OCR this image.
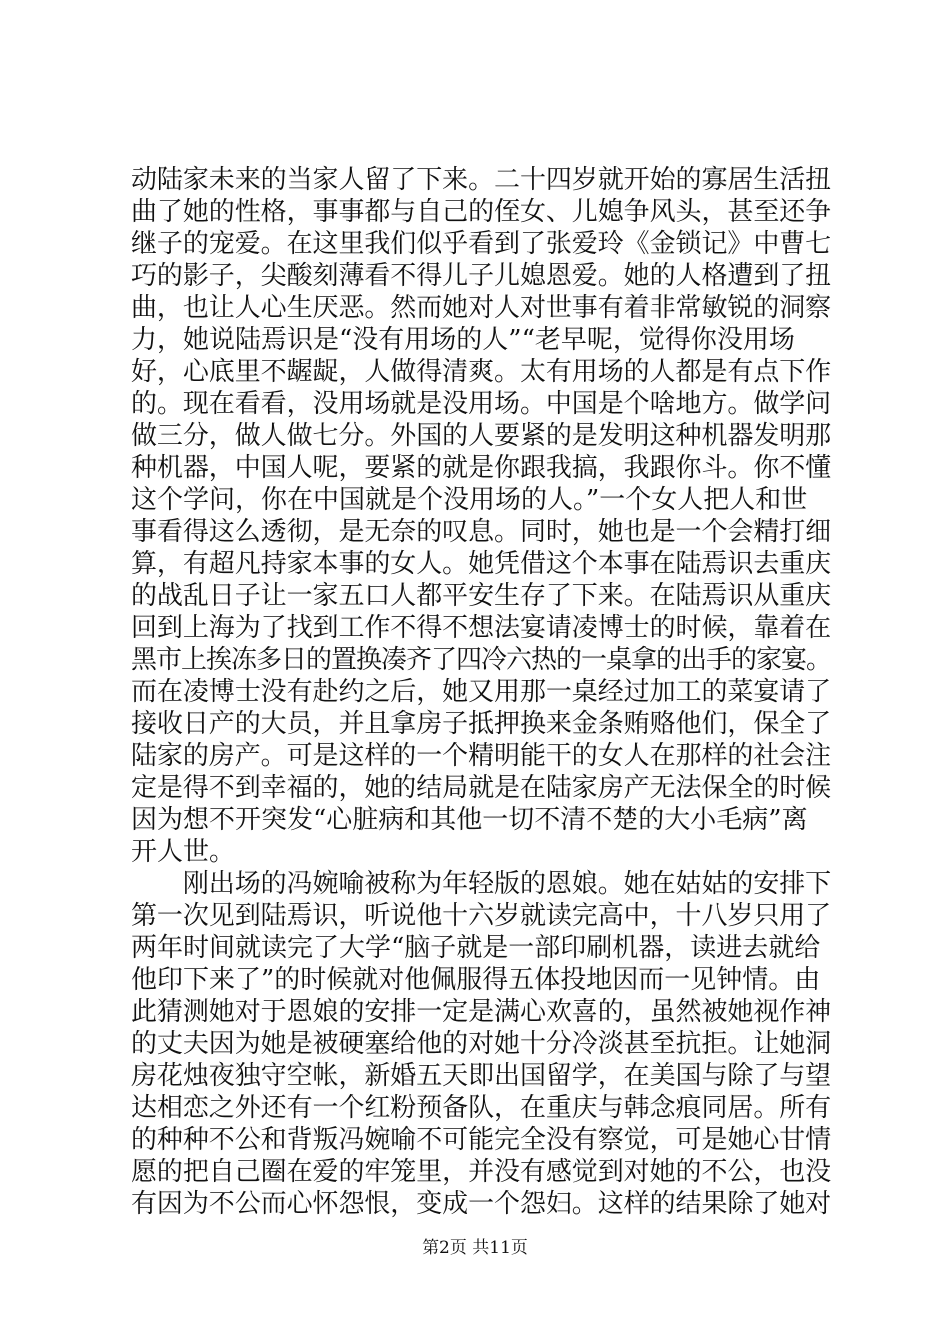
动陆家未来的当家人留了下来。二十四岁就开始的寡居生活扭
曲了她的性格，事事都与自己的侄女、儿媳争风头，甚至还争
继子的宠爱。在这里我们似乎看到了张爱玲《金锁记》中曹七
巧的影子，尖酸刻薄看不得儿子儿媳恩爱。她的人格遭到了扭
曲，也让人心生厌恶。然而她对人对世事有着非常敏锐的洞察
力，她说陆焉识是“没有用场的人”“老早呢，觉得你没用场
好，心底里不龌龊，人做得清爽。太有用场的人都是有点下作
的。现在看看，没用场就是没用场。中国是个啥地方。做学问
做三分，做人做七分。外国的人要紧的是发明这种机器发明那
种机器，中国人呢，要紧的就是你跟我搞，我跟你斗。你不懂
这个学问，你在中国就是个没用场的人。”一个女人把人和世
事看得这么透彻，是无奈的叹息。同时，她也是一个会精打细
算，有超凡持家本事的女人。她凭借这个本事在陆焉识去重庆
的战乱日子让一家五口人都平安生存了下来。在陆焉识从重庆
回到上海为了找到工作不得不想法宴请凌博士的时候，靠着在
黑市上挨冻多日的置换凑齐了四冷六热的一桌拿的出手的家宴。
而在凌博士没有赴约之后，她又用那一桌经过加工的菜宴请了
接收日产的大员，并且拿房子抵押换来金条贿赂他们，保全了
陆家的房产。可是这样的一个精明能干的女人在那样的社会注
定是得不到幸福的，她的结局就是在陆家房产无法保全的时候
因为想不开突发“心脏病和其他一切不清不楚的大小毛病”离
开人世。
　　刚出场的冯婉喻被称为年轻版的恩娘。她在姑姑的安排下
第一次见到陆焉识，听说他十六岁就读完高中，十八岁只用了
两年时间就读完了大学“脑子就是一部印刷机器，读进去就给
他印下来了”的时候就对他佩服得五体投地因而一见钟情。由
此猜测她对于恩娘的安排一定是满心欢喜的，虽然被她视作神
的丈夫因为她是被硬塞给他的对她十分冷淡甚至抗拒。让她洞
房花烛夜独守空帐，新婚五天即出国留学，在美国与除了与望
达相恋之外还有一个红粉预备队，在重庆与韩念痕同居。所有
的种种不公和背叛冯婉喻不可能完全没有察觉，可是她心甘情
愿的把自己圈在爱的牢笼里，并没有感觉到对她的不公，也没
有因为不公而心怀怨恨，变成一个怨妇。这样的结果除了她对
第2页 共11页
